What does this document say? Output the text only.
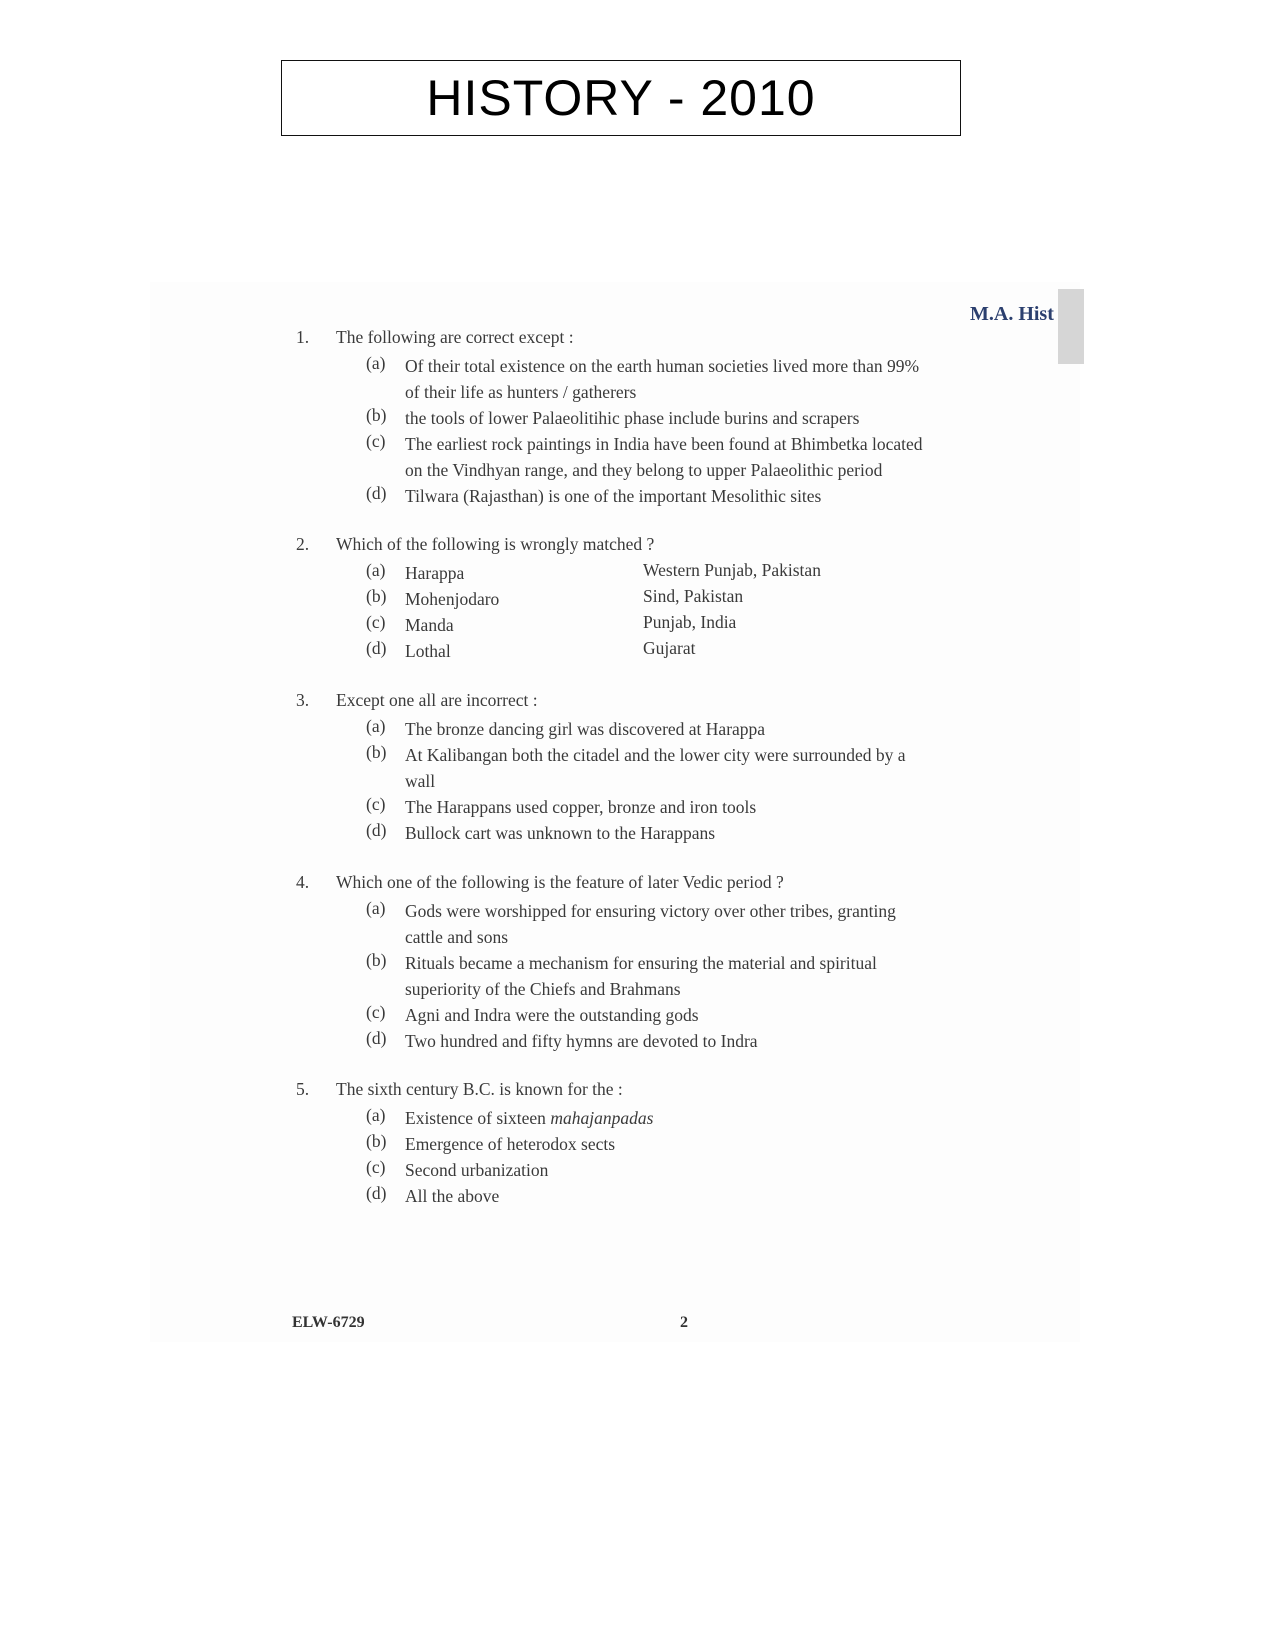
HISTORY - 2010
M.A. Hist
1. The following are correct except :
(a) Of their total existence on the earth human societies lived more than 99%
of their life as hunters / gatherers
(b) the tools of lower Palaeolitihic phase include burins and scrapers
(c) The earliest rock paintings in India have been found at Bhimbetka located
on the Vindhyan range, and they belong to upper Palaeolithic period
(d) Tilwara (Rajasthan) is one of the important Mesolithic sites
2. Which of the following is wrongly matched ?
(a) Harappa	Western Punjab, Pakistan
(b) Mohenjodaro	Sind, Pakistan
(c) Manda	Punjab, India
(d) Lothal	Gujarat
3. Except one all are incorrect :
(a) The bronze dancing girl was discovered at Harappa
(b) At Kalibangan both the citadel and the lower city were surrounded by a
wall
(c) The Harappans used copper, bronze and iron tools
(d) Bullock cart was unknown to the Harappans
4. Which one of the following is the feature of later Vedic period ?
(a) Gods were worshipped for ensuring victory over other tribes, granting
cattle and sons
(b) Rituals became a mechanism for ensuring the material and spiritual
superiority of the Chiefs and Brahmans
(c) Agni and Indra were the outstanding gods
(d) Two hundred and fifty hymns are devoted to Indra
5. The sixth century B.C. is known for the :
(a) Existence of sixteen mahajanpadas
(b) Emergence of heterodox sects
(c) Second urbanization
(d) All the above
ELW-6729	2
